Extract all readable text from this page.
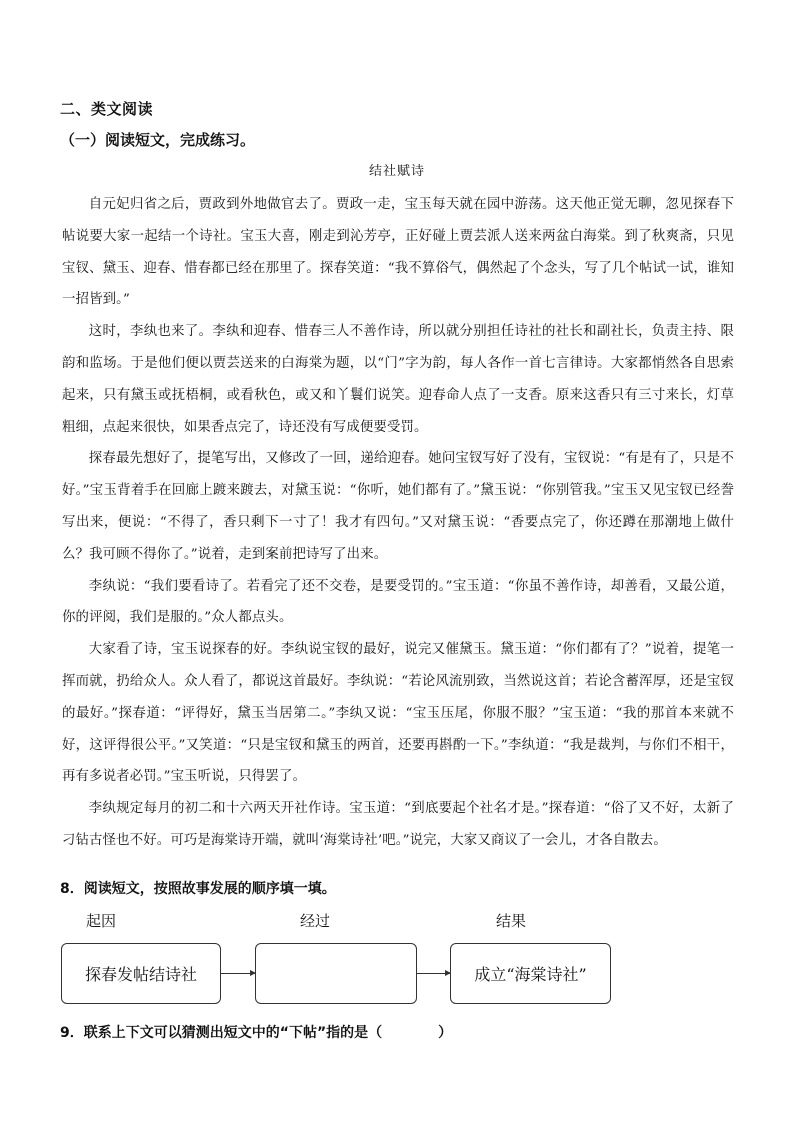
二、类文阅读
（一）阅读短文，完成练习。
结社赋诗

自元妃归省之后，贾政到外地做官去了。贾政一走，宝玉每天就在园中游荡。这天他正觉无聊，忽见探春下帖说要大家一起结一个诗社。宝玉大喜，刚走到沁芳亭，正好碰上贾芸派人送来两盆白海棠。到了秋爽斋，只见宝钗、黛玉、迎春、惜春都已经在那里了。探春笑道：“我不算俗气，偶然起了个念头，写了几个帖试一试，谁知一招皆到。”

这时，李纨也来了。李纨和迎春、惜春三人不善作诗，所以就分别担任诗社的社长和副社长，负责主持、限韵和监场。于是他们便以贾芸送来的白海棠为题，以“门”字为韵，每人各作一首七言律诗。大家都悄然各自思索起来，只有黛玉或抚梧桐，或看秋色，或又和丫鬟们说笑。迎春命人点了一支香。原来这香只有三寸来长，灯草粗细，点起来很快，如果香点完了，诗还没有写成便要受罚。

探春最先想好了，提笔写出，又修改了一回，递给迎春。她问宝钗写好了没有，宝钗说：“有是有了，只是不好。”宝玉背着手在回廊上踱来踱去，对黛玉说：“你听，她们都有了。”黛玉说：“你别管我。”宝玉又见宝钗已经誊写出来，便说：“不得了，香只剩下一寸了！我才有四句。”又对黛玉说：“香要点完了，你还蹲在那潮地上做什么？我可顾不得你了。”说着，走到案前把诗写了出来。

李纨说：“我们要看诗了。若看完了还不交卷，是要受罚的。”宝玉道：“你虽不善作诗，却善看，又最公道，你的评阅，我们是服的。”众人都点头。

大家看了诗，宝玉说探春的好。李纨说宝钗的最好，说完又催黛玉。黛玉道：“你们都有了？”说着，提笔一挥而就，扔给众人。众人看了，都说这首最好。李纨说：“若论风流别致，当然说这首；若论含蓄浑厚，还是宝钗的最好。”探春道：“评得好，黛玉当居第二。”李纨又说：“宝玉压尾，你服不服？”宝玉道：“我的那首本来就不好，这评得很公平。”又笑道：“只是宝钗和黛玉的两首，还要再斟酌一下。”李纨道：“我是裁判，与你们不相干，再有多说者必罚。”宝玉听说，只得罢了。

李纨规定每月的初二和十六两天开社作诗。宝玉道：“到底要起个社名才是。”探春道：“俗了又不好，太新了刁钻古怪也不好。可巧是海棠诗开端，就叫‘海棠诗社’吧。”说完，大家又商议了一会儿，才各自散去。

8．阅读短文，按照故事发展的顺序填一填。
起因	经过	结果
探春发帖结诗社	成立“海棠诗社”
9．联系上下文可以猜测出短文中的“下帖”指的是（　　　　）
